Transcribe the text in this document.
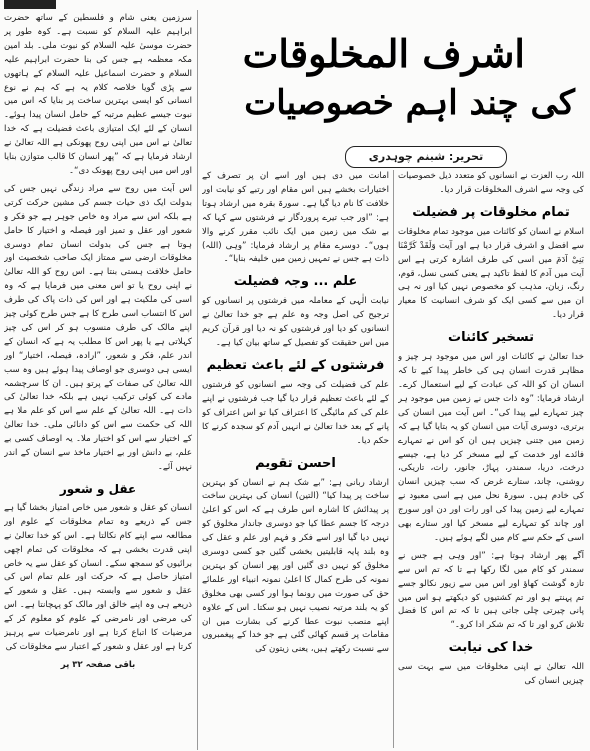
اشرف المخلوقات
کی چند اہم خصوصیات
تحریر: شبنم چوہدری

اللہ رب العزت نے انسانوں کو متعدد ذیل خصوصیات کی وجہ سے اشرف المخلوقات قرار دیا۔

تمام مخلوقات پر فضیلت

اسلام نے انسان کو کائنات میں موجود تمام مخلوقات سے افضل و اشرف قرار دیا ہے اور آیت وَلَقَدْ کَرَّمْنَا بَنِیْ آدَمَ میں اسی کی طرف اشارہ کرتی ہے اس آیت میں آدم کا لفظ تاکید ہے یعنی کسی نسل، قوم، رنگ، زبان، مذہب کو مخصوص نہیں کیا اور نہ ہی ان میں سے کسی ایک کو شرف انسانیت کا معیار قرار دیا۔

تسخیر کائنات

خدا تعالیٰ نے کائنات اور اس میں موجود ہر چیز و مظاہر قدرت انسان ہی کی خاطر پیدا کیے تا کہ انسان ان کو اللہ کی عبادت کے لیے استعمال کرے۔ ارشاد فرمایا: ”وہ ذات جس نے زمین میں موجود ہر چیز تمہارے لیے پیدا کی“۔ اس آیت میں انسان کی برتری، دوسری آیات میں انسان کو یہ بتایا گیا ہے کہ زمین میں جتنی چیزیں ہیں ان کو اس نے تمہارے فائدے اور خدمت کے لیے مسخر کر دیا ہے، جیسے درخت، دریا، سمندر، پہاڑ، جانور، رات، تاریکی، روشنی، چاند، ستارے غرض کہ سب چیزیں انسان کی خادم ہیں۔ سورۃ نحل میں ہے اسی معبود نے تمہارے لیے زمین پیدا کی اور رات اور دن اور سورج اور چاند کو تمہارے لیے مسخر کیا اور ستارے بھی اسی کے حکم سے کام میں لگے ہوئے ہیں۔

آگے پھر ارشاد ہوتا ہے: ”اور وہی ہے جس نے سمندر کو کام میں لگا رکھا ہے تا کہ تم اس سے تازہ گوشت کھاؤ اور اس میں سے زیور نکالو جسے تم پہنتے ہو اور تم کشتیوں کو دیکھتے ہو اس میں پانی چیرتی چلی جاتی ہیں تا کہ تم اس کا فضل تلاش کرو اور تا کہ تم شکر ادا کرو۔“

خدا کی نیابت

اللہ تعالیٰ نے اپنی مخلوقات میں سے بہت سی چیزیں انسان کی

امانت میں دی ہیں اور اسے ان پر تصرف کے اختیارات بخشے ہیں اس مقام اور رتبے کو نیابت اور خلافت کا نام دیا گیا ہے۔ سورۃ بقرہ میں ارشاد ہوتا ہے: ”اور جب تیرے پروردگار نے فرشتوں سے کہا کہ بے شک میں زمین میں ایک نائب مقرر کرنے والا ہوں“۔ دوسرے مقام پر ارشاد فرمایا: ”وہی (اللہ) ذات ہے جس نے تمہیں زمین میں خلیفہ بنایا“۔

علم ... وجہ فضیلت

نیابت الٰہی کے معاملہ میں فرشتوں پر انسانوں کو ترجیح کی اصل وجہ وہ علم ہے جو خدا تعالیٰ نے انسانوں کو دیا اور فرشتوں کو نہ دیا اور قرآن کریم میں اس حقیقت کو تفصیل کے ساتھ بیان کیا ہے۔

فرشتوں کے لئے باعث تعظیم

علم کی فضیلت کی وجہ سے انسانوں کو فرشتوں کے لئے باعث تعظیم قرار دیا گیا جب فرشتوں نے اپنے علم کی کم مائیگی کا اعتراف کیا تو اس اعتراف کو پانے کے بعد خدا تعالیٰ نے انہیں آدم کو سجدہ کرنے کا حکم دیا۔

احسن تقویم

ارشاد ربانی ہے: ”بے شک ہم نے انسان کو بہترین ساخت پر پیدا کیا“ (التین) انسان کی بہترین ساخت پر پیدائش کا اشارہ اس طرف ہے کہ اس کو اعلیٰ درجہ کا جسم عطا کیا جو دوسری جاندار مخلوق کو نہیں دیا گیا اور اسے فکر و فہم اور علم و عقل کی وہ بلند پایہ قابلیتیں بخشی گئیں جو کسی دوسری مخلوق کو نہیں دی گئیں اور پھر انسان کو بہترین نمونہ کی طرح کمال کا اعلیٰ نمونہ انبیاء اور علمائے حق کی صورت میں رونما ہوا اور کسی بھی مخلوق کو یہ بلند مرتبہ نصیب نہیں ہو سکتا۔ اس کے علاوہ اپنے منصب نبوت عطا کرنے کی بشارت میں ان مقامات پر قسم کھائی گئی ہے جو خدا کے پیغمبروں سے نسبت رکھتے ہیں، یعنی زیتون کی

سرزمین یعنی شام و فلسطین کے ساتھ حضرت ابراہیم علیہ السلام کو نسبت ہے۔ کوہ طور پر حضرت موسیٰ علیہ السلام کو نبوت ملی۔ بلد امین مکہ معظمہ ہے جس کی بنا حضرت ابراہیم علیہ السلام و حضرت اسماعیل علیہ السلام کے ہاتھوں سے پڑی گویا خلاصہ کلام یہ ہے کہ ہم نے نوع انسانی کو ایسی بہترین ساخت پر بنایا کہ اس میں نبوت جیسے عظیم مرتبہ کے حامل انسان پیدا ہوئے۔ انسان کے لئے ایک امتیازی باعث فضیلت ہے کہ خدا تعالیٰ نے اس میں اپنی روح پھونکی ہے اللہ تعالیٰ نے ارشاد فرمایا ہے کہ ”پھر انسان کا قالب متوازن بنایا اور اس میں اپنی روح پھونک دی“۔

اس آیت میں روح سے مراد زندگی نہیں جس کی بدولت ایک ذی حیات جسم کی مشین حرکت کرتی ہے بلکہ اس سے مراد وہ خاص جوہر ہے جو فکر و شعور اور عقل و تمیز اور فیصلہ و اختیار کا حامل ہوتا ہے جس کی بدولت انسان تمام دوسری مخلوقات ارضی سے ممتاز ایک صاحب شخصیت اور حامل خلافت ہستی بنتا ہے۔ اس روح کو اللہ تعالیٰ نے اپنی روح یا تو اس معنی میں فرمایا ہے کہ وہ اسی کی ملکیت ہے اور اس کی ذات پاک کی طرف اس کا انتساب اسی طرح کا ہے جس طرح کوئی چیز اپنے مالک کی طرف منسوب ہو کر اس کی چیز کہلاتی ہے یا پھر اس کا مطلب یہ ہے کہ انسان کے اندر علم، فکر و شعور، ”ارادہ، فیصلہ، اختیار“ اور ایسی ہی دوسری جو اوصاف پیدا ہوئے ہیں وہ سب اللہ تعالیٰ کی صفات کے پرتو ہیں۔ ان کا سرچشمہ مادے کی کوئی ترکیب نہیں ہے بلکہ خدا تعالیٰ کی ذات ہے۔ اللہ تعالیٰ کے علم سے اس کو علم ملا ہے اللہ کی حکمت سے اس کو دانائی ملی۔ خدا تعالیٰ کے اختیار سے اس کو اختیار ملا۔ یہ اوصاف کسی بے علم، بے دانش اور بے اختیار ماخذ سے انسان کے اندر نہیں آئے۔

عقل و شعور

انسان کو عقل و شعور میں خاص امتیاز بخشا گیا ہے جس کے ذریعے وہ تمام مخلوقات کے علوم اور مطالعہ سے اپنے کام نکالتا ہے۔ اس کو خدا تعالیٰ نے اپنی قدرت بخشی ہے کہ مخلوقات کی تمام اچھی برائیوں کو سمجھ سکے۔ انسان کو عقل سے یہ خاص امتیاز حاصل ہے کہ حرکت اور علم تمام اس کی عقل و شعور سے وابستہ ہیں۔ عقل و شعور کے ذریعے ہی وہ اپنے خالق اور مالک کو پہچانتا ہے۔ اس کی مرضی اور نامرضی کے علوم کو معلوم کر کے مرضیات کا اتباع کرتا ہے اور نامرضیات سے پرہیز کرتا ہے اور عقل و شعور کے اعتبار سے مخلوقات کی

باقی صفحہ ۳۲ پر
